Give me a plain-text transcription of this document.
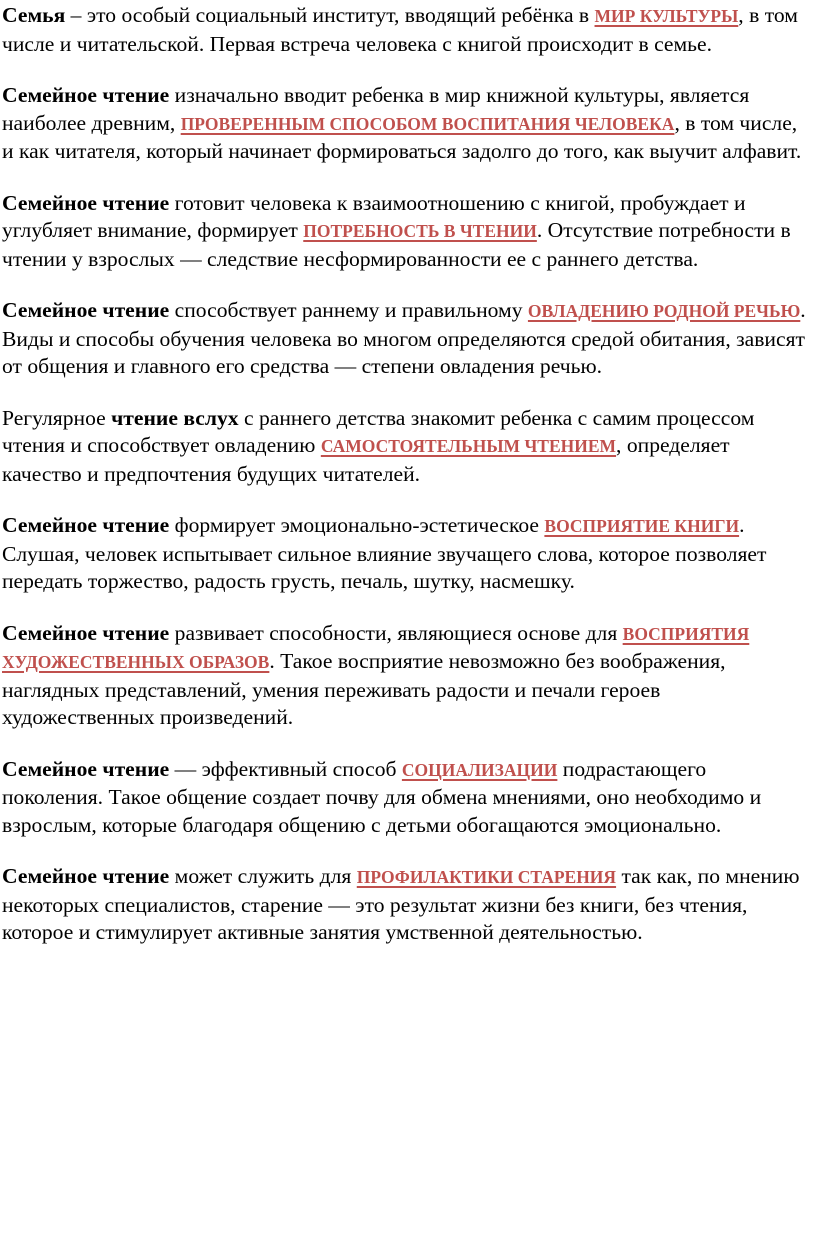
Семья – это особый социальный институт, вводящий ребёнка в МИР КУЛЬТУРЫ, в том числе и читательской. Первая встреча человека с книгой происходит в семье.

Семейное чтение изначально вводит ребенка в мир книжной культуры, является наиболее древним, ПРОВЕРЕННЫМ СПОСОБОМ ВОСПИТАНИЯ ЧЕЛОВЕКА, в том числе, и как читателя, который начинает формироваться задолго до того, как выучит алфавит.

Семейное чтение готовит человека к взаимоотношению с книгой, пробуждает и углубляет внимание, формирует ПОТРЕБНОСТЬ В ЧТЕНИИ. Отсутствие потребности в чтении у взрослых — следствие несформированности ее с раннего детства.

Семейное чтение способствует раннему и правильному ОВЛАДЕНИЮ РОДНОЙ РЕЧЬЮ. Виды и способы обучения человека во многом определяются средой обитания, зависят от общения и главного его средства — степени овладения речью.

Регулярное чтение вслух с раннего детства знакомит ребенка с самим процессом чтения и способствует овладению САМОСТОЯТЕЛЬНЫМ ЧТЕНИЕМ, определяет качество и предпочтения будущих читателей.

Семейное чтение формирует эмоционально-эстетическое ВОСПРИЯТИЕ КНИГИ. Слушая, человек испытывает сильное влияние звучащего слова, которое позволяет передать торжество, радость грусть, печаль, шутку, насмешку.

Семейное чтение развивает способности, являющиеся основе для ВОСПРИЯТИЯ ХУДОЖЕСТВЕННЫХ ОБРАЗОВ. Такое восприятие невозможно без воображения, наглядных представлений, умения переживать радости и печали героев художественных произведений.

Семейное чтение — эффективный способ СОЦИАЛИЗАЦИИ подрастающего поколения. Такое общение создает почву для обмена мнениями, оно необходимо и взрослым, которые благодаря общению с детьми обогащаются эмоционально.

Семейное чтение может служить для ПРОФИЛАКТИКИ СТАРЕНИЯ так как, по мнению некоторых специалистов, старение — это результат жизни без книги, без чтения, которое и стимулирует активные занятия умственной деятельностью.
